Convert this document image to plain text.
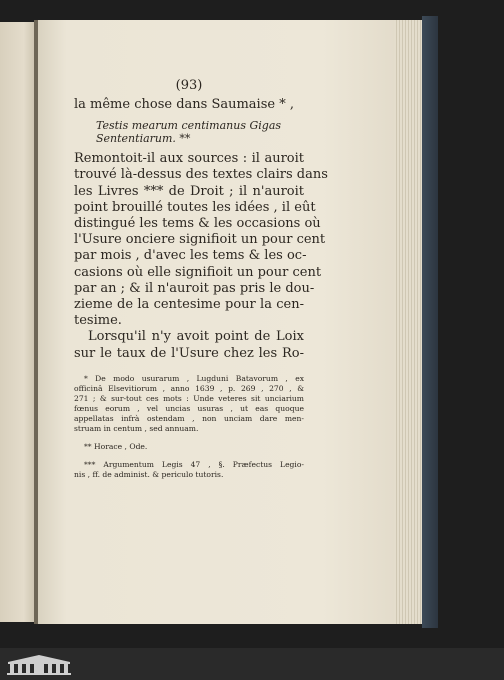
(93)
la même chose dans Saumaise * ,
Testis mearum centimanus Gigas
Sententiarum. **
Remontoit-il aux sources : il auroit
trouvé là-dessus des textes clairs dans
les Livres *** de Droit ; il n'auroit
point brouillé toutes les idées , il eût
distingué les tems & les occasions où
l'Usure onciere signifioit un pour cent
par mois , d'avec les tems & les oc-
casions où elle signifioit un pour cent
par an ; & il n'auroit pas pris le dou-
zieme de la centesime pour la cen-
tesime.
Lorsqu'il n'y avoit point de Loix
sur le taux de l'Usure chez les Ro-
* De modo usurarum , Lugduni Batavorum , ex
officinâ Elsevitiorum , anno 1639 , p. 269 , 270 , &
271 ; & sur-tout ces mots : Unde veteres sit unciarium
fœnus eorum , vel uncias usuras , ut eas quoque
appellatas infrà ostendam , non unciam dare men-
struam in centum , sed annuam.
** Horace , Ode.
*** Argumentum Legis 47 , §. Præfectus Legio-
nis , ff. de administ. & periculo tutoris.
